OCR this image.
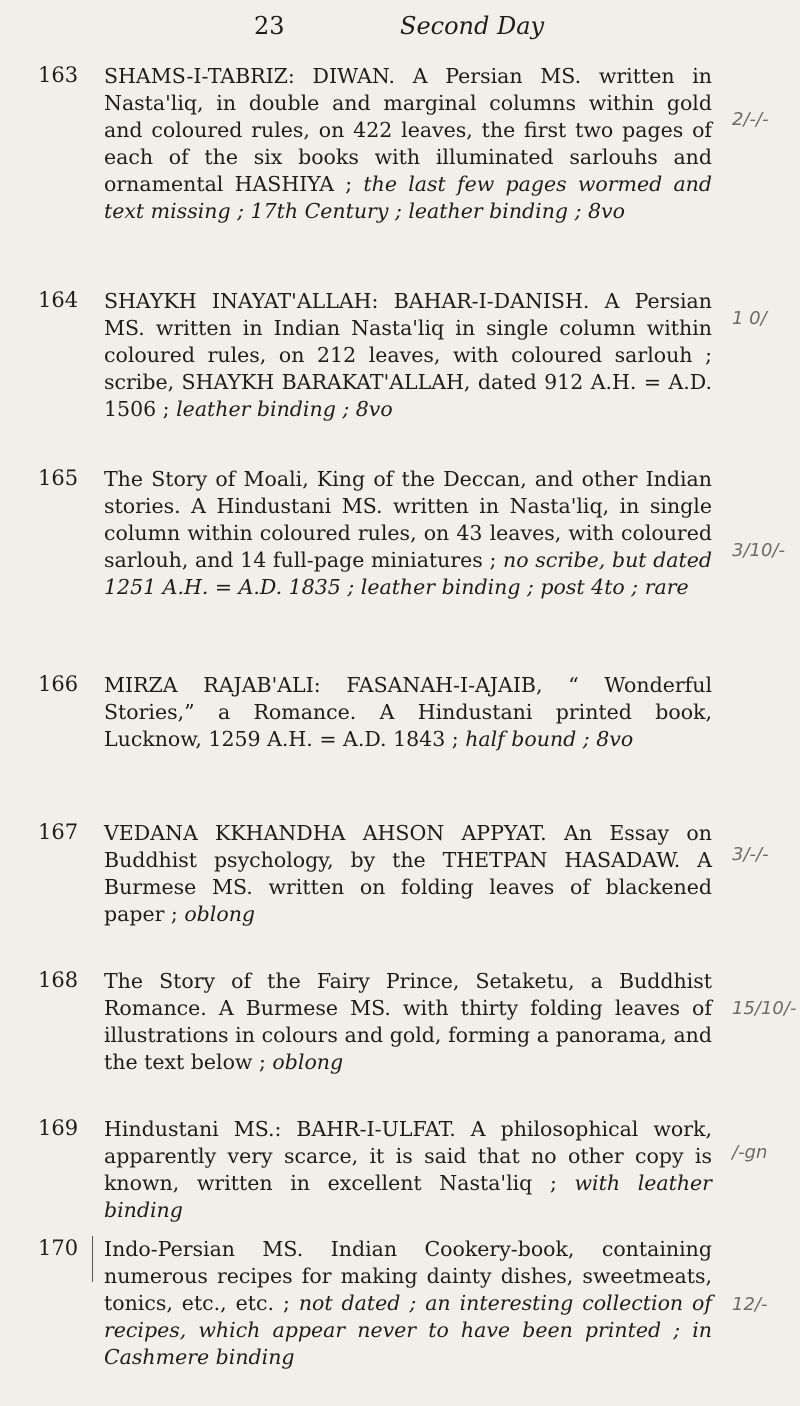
23	Second Day
163 SHAMS-I-TABRIZ: DIWAN. A Persian MS. written in Nasta'liq, in double and marginal columns within gold and coloured rules, on 422 leaves, the first two pages of each of the six books with illuminated sarlouhs and ornamental HASHIYA ; the last few pages wormed and text missing ; 17th Century ; leather binding ; 8vo
2/-/-
164 SHAYKH INAYAT'ALLAH: BAHAR-I-DANISH. A Persian MS. written in Indian Nasta'liq in single column within coloured rules, on 212 leaves, with coloured sarlouh ; scribe, SHAYKH BARAKAT'ALLAH, dated 912 A.H. = A.D. 1506 ; leather binding ; 8vo
1 0/
165 The Story of Moali, King of the Deccan, and other Indian stories. A Hindustani MS. written in Nasta'liq, in single column within coloured rules, on 43 leaves, with coloured sarlouh, and 14 full-page miniatures ; no scribe, but dated 1251 A.H. = A.D. 1835 ; leather binding ; post 4to ; rare
3/10/-
166 MIRZA RAJAB'ALI: FASANAH-I-AJAIB, “ Wonderful Stories,” a Romance. A Hindustani printed book, Lucknow, 1259 A.H. = A.D. 1843 ; half bound ; 8vo
167 VEDANA KKHANDHA AHSON APPYAT. An Essay on Buddhist psychology, by the THETPAN HASADAW. A Burmese MS. written on folding leaves of blackened paper ; oblong
3/-/-
168 The Story of the Fairy Prince, Setaketu, a Buddhist Romance. A Burmese MS. with thirty folding leaves of illustrations in colours and gold, forming a panorama, and the text below ; oblong
15/10/-
169 Hindustani MS.: BAHR-I-ULFAT. A philosophical work, apparently very scarce, it is said that no other copy is known, written in excellent Nasta'liq ; with leather binding
/-gn
170 Indo-Persian MS. Indian Cookery-book, containing numerous recipes for making dainty dishes, sweetmeats, tonics, etc., etc. ; not dated ; an interesting collection of recipes, which appear never to have been printed ; in Cashmere binding
12/-
